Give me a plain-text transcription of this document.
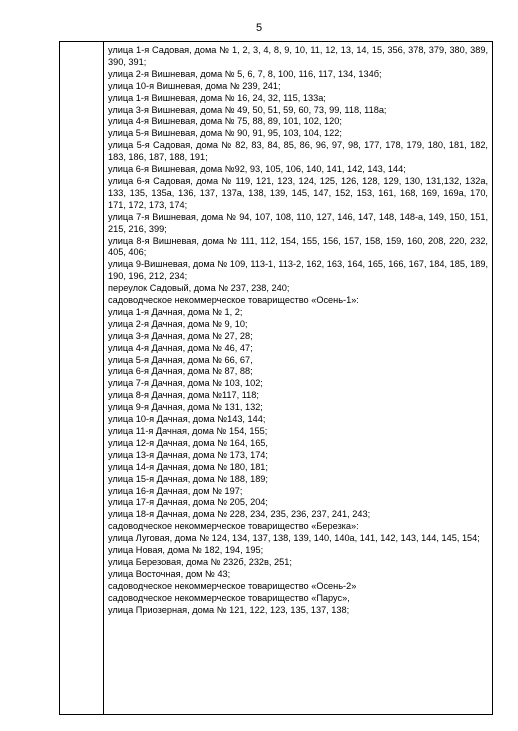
5

улица 1-я Садовая, дома № 1, 2, 3, 4, 8, 9, 10, 11, 12, 13, 14, 15, 356, 378, 379, 380, 389, 390, 391;

улица 2-я Вишневая, дома № 5, 6, 7, 8, 100, 116, 117, 134, 134б;

улица 10-я Вишневая, дома № 239, 241;

улица 1-я Вишневая, дома № 16, 24, 32, 115, 133а;

улица 3-я Вишневая, дома № 49, 50, 51, 59, 60, 73, 99, 118, 118а;

улица 4-я Вишневая, дома № 75, 88, 89, 101, 102, 120;

улица 5-я Вишневая, дома № 90, 91, 95, 103, 104, 122;

улица 5-я Садовая, дома № 82, 83, 84, 85, 86, 96, 97, 98, 177, 178, 179, 180, 181, 182, 183, 186, 187, 188, 191;

улица 6-я Вишневая, дома №92, 93, 105, 106, 140, 141, 142, 143, 144;

улица 6-я Садовая, дома № 119, 121, 123, 124, 125, 126, 128, 129, 130, 131,132, 132а, 133, 135, 135а, 136, 137, 137а, 138, 139, 145, 147, 152, 153, 161, 168, 169, 169а, 170, 171, 172, 173, 174;

улица 7-я Вишневая, дома № 94, 107, 108, 110, 127, 146, 147, 148, 148-а, 149, 150, 151, 215, 216, 399;

улица 8-я Вишневая, дома № 111, 112, 154, 155, 156, 157, 158, 159, 160, 208, 220, 232, 405, 406;

улица 9-Вишневая, дома № 109, 113-1, 113-2, 162, 163, 164, 165, 166, 167, 184, 185, 189, 190, 196, 212, 234;

переулок Садовый, дома № 237, 238, 240;

садоводческое некоммерческое товарищество «Осень-1»:

улица 1-я Дачная, дома № 1, 2;

улица 2-я Дачная, дома № 9, 10;

улица 3-я Дачная, дома № 27, 28;

улица 4-я Дачная, дома № 46, 47;

улица 5-я Дачная, дома № 66, 67,

улица 6-я Дачная, дома № 87, 88;

улица 7-я Дачная, дома № 103, 102;

улица 8-я Дачная, дома №117, 118;

улица 9-я Дачная, дома № 131, 132;

улица 10-я Дачная, дома №143, 144;

улица 11-я Дачная, дома № 154, 155;

улица 12-я Дачная, дома № 164, 165,

улица 13-я Дачная, дома № 173, 174;

улица 14-я Дачная, дома № 180, 181;

улица 15-я Дачная, дома № 188, 189;

улица 16-я Дачная, дом № 197;

улица 17-я Дачная, дома № 205, 204;

улица 18-я Дачная, дома № 228, 234, 235, 236, 237, 241, 243;

садоводческое некоммерческое товарищество «Березка»:

улица Луговая, дома № 124, 134, 137, 138, 139, 140, 140а, 141, 142, 143, 144, 145, 154;

улица Новая, дома № 182, 194, 195;

улица Березовая, дома № 232б, 232в, 251;

улица Восточная, дом № 43;

садоводческое некоммерческое товарищество «Осень-2»

садоводческое некоммерческое товарищество «Парус»,

улица Приозерная, дома № 121, 122, 123, 135, 137, 138;
